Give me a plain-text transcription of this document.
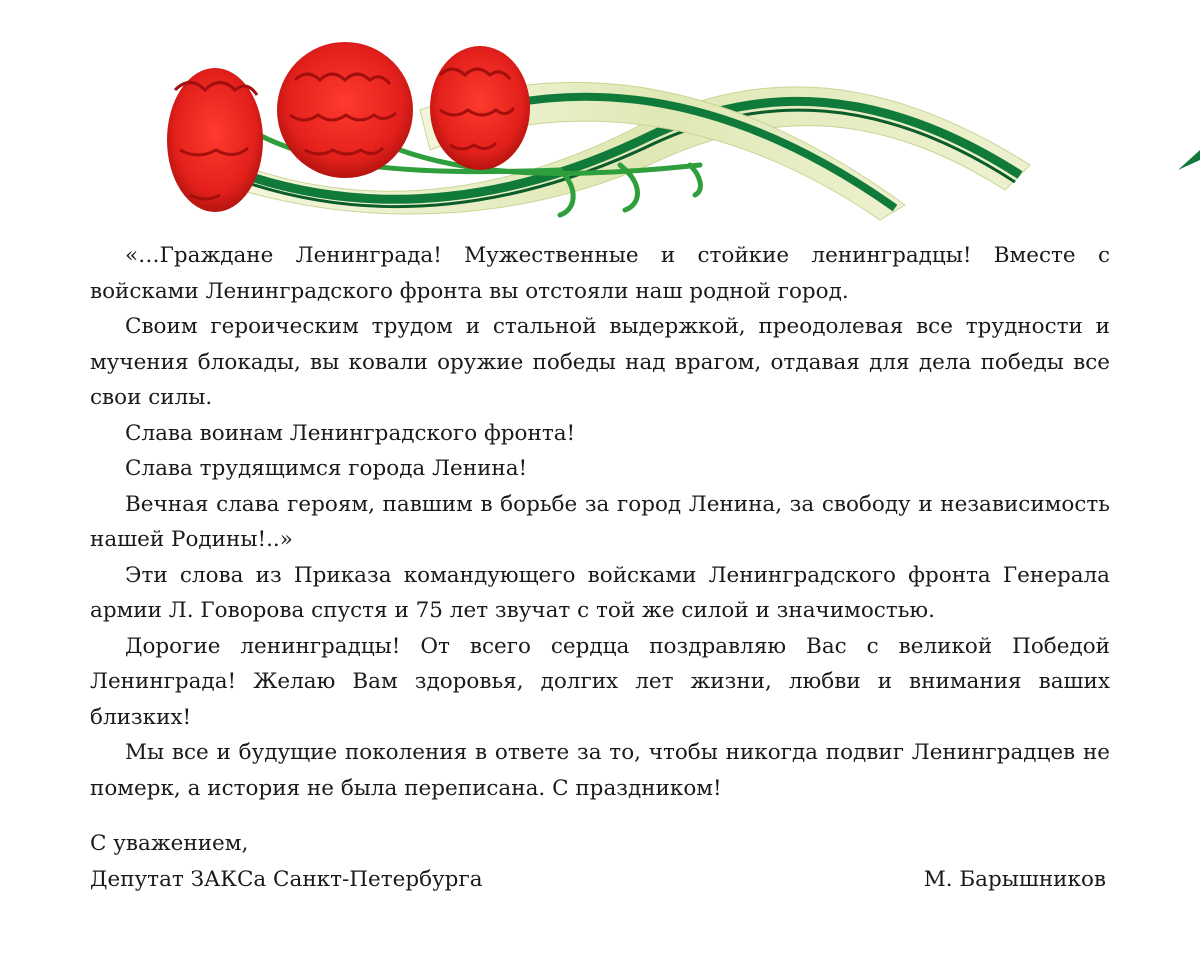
«…Граждане Ленинграда! Мужественные и стойкие ленинградцы! Вместе с войсками Ленинградского фронта вы отстояли наш родной город.

Своим героическим трудом и стальной выдержкой, преодолевая все трудности и мучения блокады, вы ковали оружие победы над врагом, отдавая для дела победы все свои силы.

Слава воинам Ленинградского фронта!

Слава трудящимся города Ленина!

Вечная слава героям, павшим в борьбе за город Ленина, за свободу и независимость нашей Родины!..»

Эти слова из Приказа командующего войсками Ленинградского фронта Генерала армии Л. Говорова спустя и 75 лет звучат с той же силой и значимостью.

Дорогие ленинградцы! От всего сердца поздравляю Вас с великой Победой Ленинграда! Желаю Вам здоровья, долгих лет жизни, любви и внимания ваших близких!

Мы все и будущие поколения в ответе за то, чтобы никогда подвиг Ленинградцев не померк, а история не была переписана. С праздником!

С уважением,
Депутат ЗАКСа Санкт-Петербурга	М. Барышников
